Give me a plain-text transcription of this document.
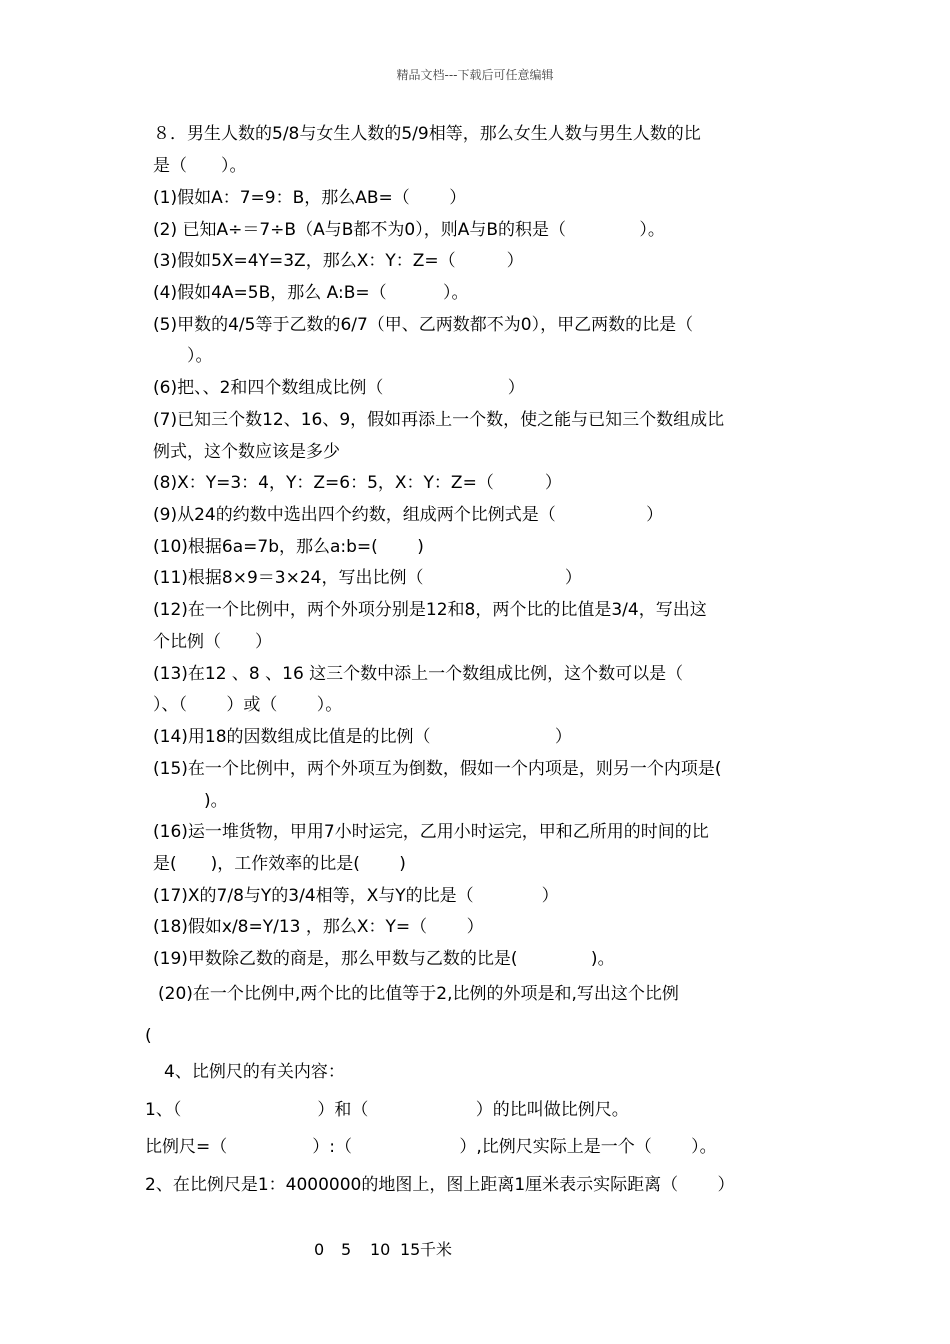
精品文档---下载后可任意编辑
８．男生人数的5/8与女生人数的5/9相等，那么女生人数与男生人数的比
是（　　）。
(1)假如A：7=9：B，那么AB=（　　 ）
(2) 已知A÷＝7÷B（A与B都不为0），则A与B的积是（　　　　 ）。
(3)假如5X=4Y=3Z，那么X：Y：Z=（　　　）
(4)假如4A=5B，那么 A:B=（　　　 ）。
(5)甲数的4/5等于乙数的6/7（甲、乙两数都不为0），甲乙两数的比是（
　　）。
(6)把、、2和四个数组成比例（　　　　　　　 ）
(7)已知三个数12、16、9，假如再添上一个数，使之能与已知三个数组成比
例式，这个数应该是多少
(8)X：Y=3：4，Y：Z=6：5，X：Y：Z=（　　　）
(9)从24的约数中选出四个约数，组成两个比例式是（　　　　　 ）
(10)根据6a=7b，那么a:b=(　　 )
(11)根据8×9＝3×24，写出比例（　　　　　　　　 ）
(12)在一个比例中，两个外项分别是12和8，两个比的比值是3/4，写出这
个比例（　　）
(13)在12 、8 、16 这三个数中添上一个数组成比例，这个数可以是（
）、（　　 ）或（　　 ）。
(14)用18的因数组成比值是的比例（　　　　　　　 ）
(15)在一个比例中，两个外项互为倒数，假如一个内项是，则另一个内项是(
　　　)。
(16)运一堆货物，甲用7小时运完，乙用小时运完，甲和乙所用的时间的比
是(　　)，工作效率的比是(　　 )
(17)X的7/8与Y的3/4相等，X与Y的比是（　　　　）
(18)假如x/8=Y/13 ，那么X：Y=（　　 ）
(19)甲数除乙数的商是，那么甲数与乙数的比是(　　　　 )。
(20)在一个比例中,两个比的比值等于2,比例的外项是和,写出这个比例
(
4、比例尺的有关内容：
1、（　　　　　　　　）和（　　　　　　 ）的比叫做比例尺。
比例尺=（　　　　　）:（　　　　　　 ）,比例尺实际上是一个（　　 ）。
2、在比例尺是1：4000000的地图上，图上距离1厘米表示实际距离（　　 ）
0 5 10 15 千米
